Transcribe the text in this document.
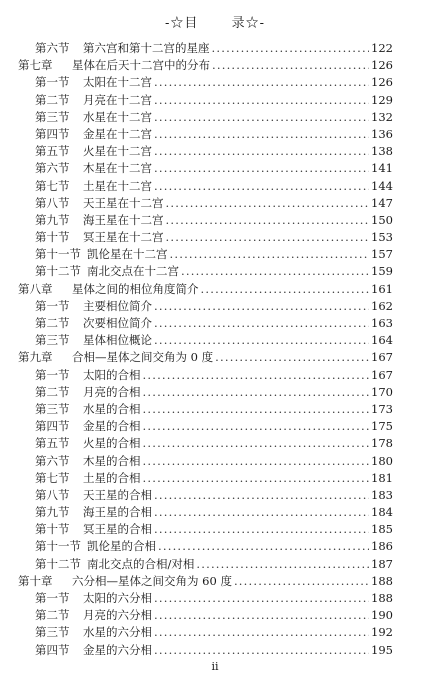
-☆目	录☆-
第六节	第六宫和第十二宫的星座 .....	122
第七章	星体在后天十二宫中的分布 .....	126
第一节	太阳在十二宫 .....	126
第二节	月亮在十二宫 .....	129
第三节	水星在十二宫 .....	132
第四节	金星在十二宫 .....	136
第五节	火星在十二宫 .....	138
第六节	木星在十二宫 .....	141
第七节	土星在十二宫 .....	144
第八节	天王星在十二宫 .....	147
第九节	海王星在十二宫 .....	150
第十节	冥王星在十二宫 .....	153
第十一节 凯伦星在十二宫 .....	157
第十二节 南北交点在十二宫 .....	159
第八章	星体之间的相位角度简介 .....	161
第一节	主要相位简介 .....	162
第二节	次要相位简介 .....	163
第三节	星体相位概论 .....	164
第九章	合相—星体之间交角为 0 度 .....	167
第一节	太阳的合相 .....	167
第二节	月亮的合相 .....	170
第三节	水星的合相 .....	173
第四节	金星的合相 .....	175
第五节	火星的合相 .....	178
第六节	木星的合相 .....	180
第七节	土星的合相 .....	181
第八节	天王星的合相 .....	183
第九节	海王星的合相 .....	184
第十节	冥王星的合相 .....	185
第十一节 凯伦星的合相 .....	186
第十二节 南北交点的合相/对相 .....	187
第十章	六分相—星体之间交角为 60 度 .....	188
第一节	太阳的六分相 .....	188
第二节	月亮的六分相 .....	190
第三节	水星的六分相 .....	192
第四节	金星的六分相 .....	195
ii
